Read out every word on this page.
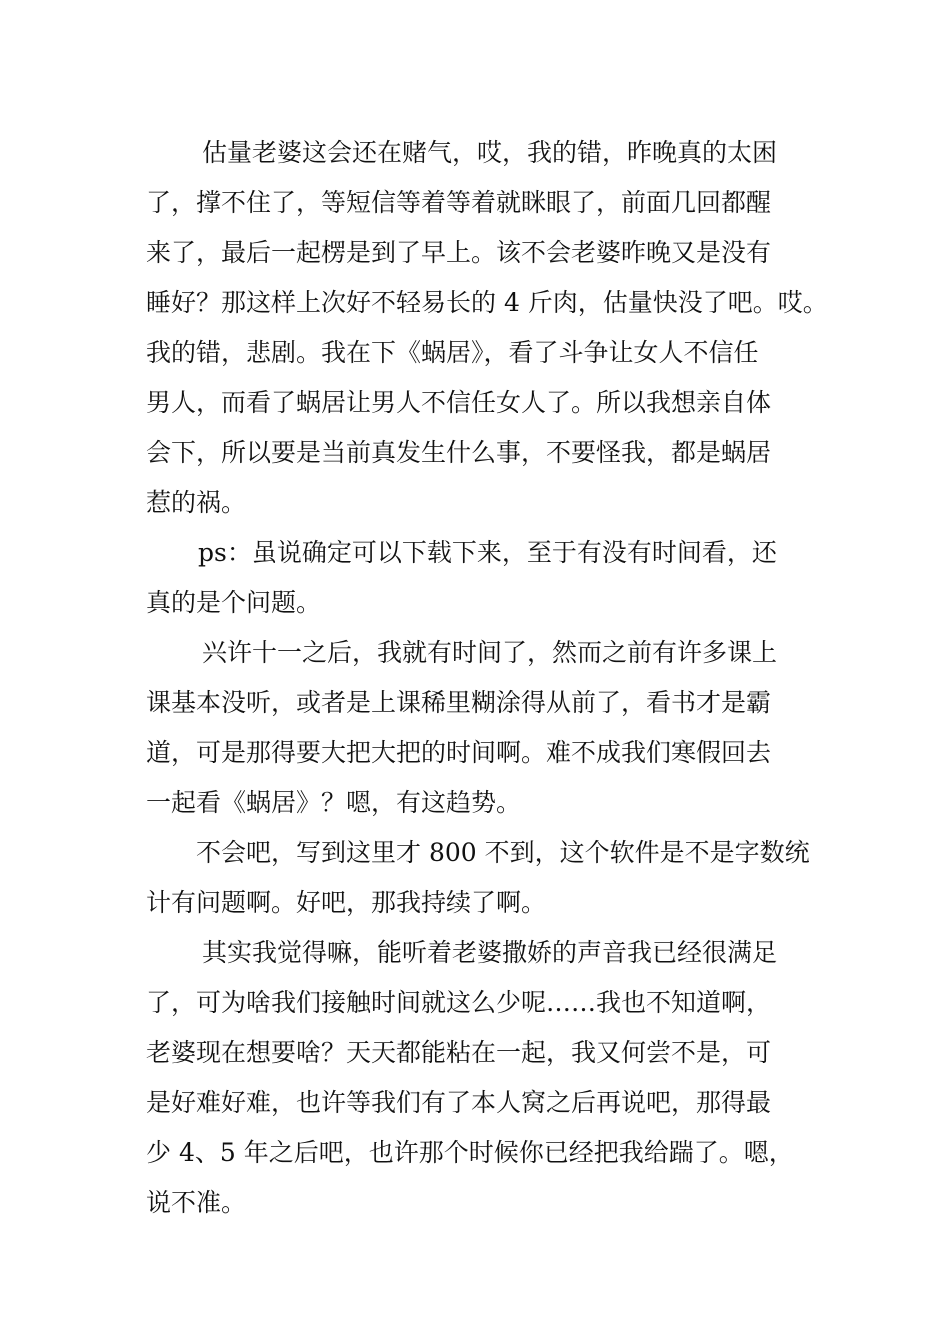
估量老婆这会还在赌气，哎，我的错，昨晚真的太困
了，撑不住了，等短信等着等着就眯眼了，前面几回都醒
来了，最后一起楞是到了早上。该不会老婆昨晚又是没有
睡好？那这样上次好不轻易长的 4 斤肉，估量快没了吧。哎。
我的错，悲剧。我在下《蜗居》，看了斗争让女人不信任
男人，而看了蜗居让男人不信任女人了。所以我想亲自体
会下，所以要是当前真发生什么事，不要怪我，都是蜗居
惹的祸。
ps：虽说确定可以下载下来，至于有没有时间看，还
真的是个问题。
兴许十一之后，我就有时间了，然而之前有许多课上
课基本没听，或者是上课稀里糊涂得从前了，看书才是霸
道，可是那得要大把大把的时间啊。难不成我们寒假回去
一起看《蜗居》？嗯，有这趋势。
不会吧，写到这里才 800 不到，这个软件是不是字数统
计有问题啊。好吧，那我持续了啊。
其实我觉得嘛，能听着老婆撒娇的声音我已经很满足
了，可为啥我们接触时间就这么少呢……我也不知道啊，
老婆现在想要啥？天天都能粘在一起，我又何尝不是，可
是好难好难，也许等我们有了本人窝之后再说吧，那得最
少 4、5 年之后吧，也许那个时候你已经把我给踹了。嗯，
说不准。
